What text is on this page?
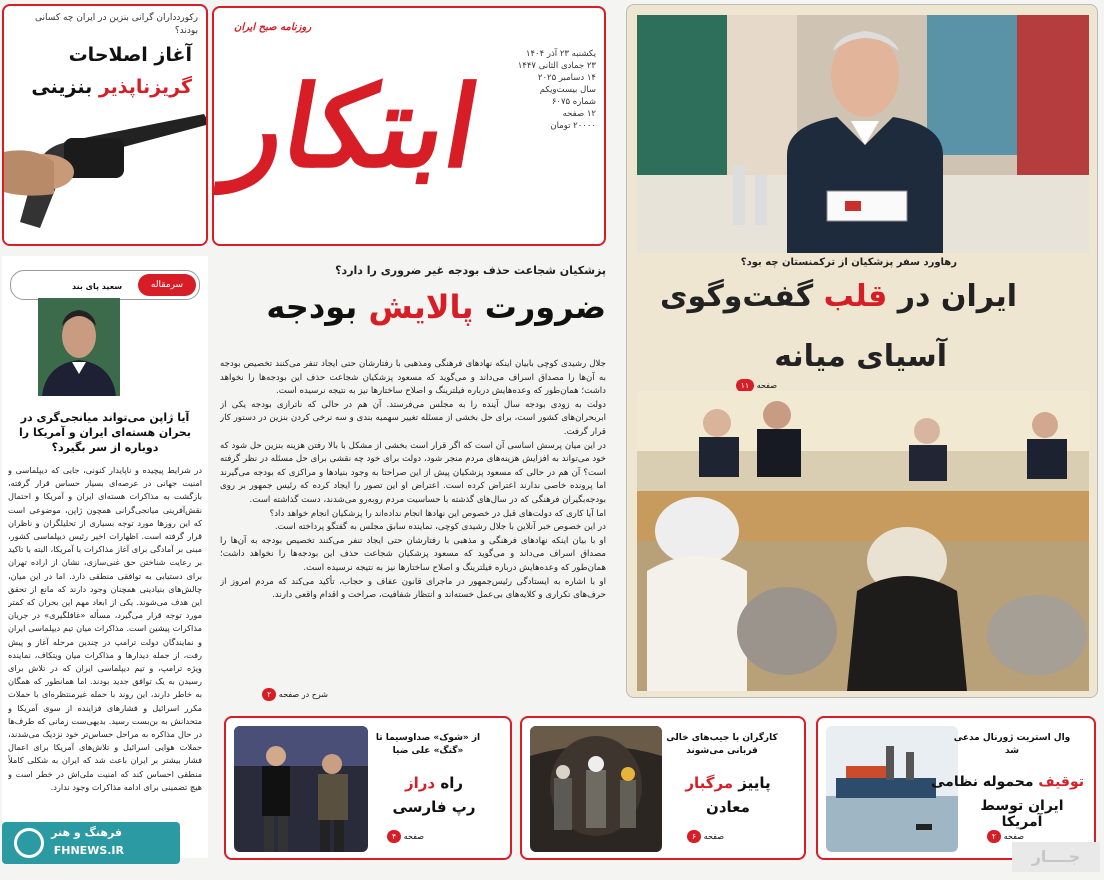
ابتکار
روزنامه صبح ایران
یکشنبه ۲۳ آذر ۱۴۰۴
۲۳ جمادی الثانی ۱۴۴۷
۱۴ دسامبر ۲۰۲۵
سال بیست‌ویکم
شماره ۶۰۷۵
۱۲ صفحه
۲۰۰۰۰ تومان
رکوردداران گرانی بنزین در ایران چه کسانی بودند؟
آغاز اصلاحات
گریزناپذیر بنزینی
رهاورد سفر پزشکیان از ترکمنستان چه بود؟
ایران در قلب گفت‌وگوی
آسیای میانه
صفحه ۱۱
پزشکیان شجاعت حذف بودجه غیر ضروری را دارد؟
ضرورت پالایش بودجه

جلال رشیدی کوچی بابیان اینکه نهادهای فرهنگی ومذهبی با رفتارشان حتی ایجاد تنفر می‌کنند تخصیص بودجه به آن‌ها را مصداق اسراف می‌داند و می‌گوید که مسعود پزشکیان شجاعت حذف این بودجه‌ها را نخواهد داشت؛ همان‌طور که وعده‌هایش درباره فیلترینگ و اصلاح ساختارها نیز به نتیجه نرسیده است.

دولت به زودی بودجه سال آینده را به مجلس می‌فرستد. آن هم در حالی که ناترازی بودجه یکی از ابربحران‌های کشور است، برای حل بخشی از مسئله تغییر سهمیه بندی و سه نرخی کردن بنزین در دستور کار قرار گرفت.

در این میان پرسش اساسی آن است که اگر قرار است بخشی از مشکل با بالا رفتن هزینه بنزین حل شود که خود می‌تواند به افزایش هزینه‌های مردم منجر شود، دولت برای خود چه نقشی برای حل مسئله در نظر گرفته است؟ آن هم در حالی که مسعود پزشکیان پیش از این صراحتا به وجود بنیادها و مراکزی که بودجه می‌گیرند اما پرونده خاصی ندارند اعتراض کرده است. اعتراض او این تصور را ایجاد کرده که رئیس جمهور بر روی بودجه‌بگیران فرهنگی که در سال‌های گذشته با حساسیت مردم روبه‌رو می‌شدند، دست گذاشته است.

اما آیا کاری که دولت‌های قبل در خصوص این نهادها انجام نداده‌اند را پزشکیان انجام خواهد داد؟

در این خصوص خبر آنلاین با جلال رشیدی کوچی، نماینده سابق مجلس به گفتگو پرداخته است.

او با بیان اینکه نهادهای فرهنگی و مذهبی با رفتارشان حتی ایجاد تنفر می‌کنند تخصیص بودجه به آن‌ها را مصداق اسراف می‌داند و می‌گوید که مسعود پزشکیان شجاعت حذف این بودجه‌ها را نخواهد داشت؛ همان‌طور که وعده‌هایش درباره فیلترینگ و اصلاح ساختارها نیز به نتیجه نرسیده است.

او با اشاره به ایستادگی رئیس‌جمهور در ماجرای قانون عفاف و حجاب، تأکید می‌کند که مردم امروز از حرف‌های تکراری و کلایه‌های بی‌عمل خسته‌اند و انتظار شفافیت، صراحت و اقدام واقعی دارند.

شرح در صفحه ۲
سعید پای بند	سرمقاله
آیا ژاپن می‌تواند میانجی‌گری در بحران هسته‌ای ایران و آمریکا را دوباره از سر بگیرد؟
در شرایط پیچیده و ناپایدار کنونی، جایی که دیپلماسی و امنیت جهانی در عرصه‌ای بسیار حساس قرار گرفته، بازگشت به مذاکرات هسته‌ای ایران و آمریکا و احتمال نقش‌آفرینی میانجی‌گرانی همچون ژاپن، موضوعی است که این روزها مورد توجه بسیاری از تحلیلگران و ناظران قرار گرفته است. اظهارات اخیر رئیس دیپلماسی کشور، مبنی بر آمادگی برای آغاز مذاکرات با آمریکا، البته با تاکید بر رعایت شناختن حق غنی‌سازی، نشان از اراده تهران برای دستیابی به توافقی منطقی دارد. اما در این میان، چالش‌های بنیادینی همچنان وجود دارند که مانع از تحقق این هدف می‌شوند. یکی از ابعاد مهم این بحران که کمتر مورد توجه قرار می‌گیرد، مسأله «غافلگیری» در جریان مذاکرات پیشین است. مذاکرات میان تیم دیپلماسی ایران و نمایندگان دولت ترامپ در چندین مرحله آغاز و پیش رفت، از جمله دیدارها و مذاکرات میان ویتکاف، نماینده ویژه ترامپ، و تیم دیپلماسی ایران که در تلاش برای رسیدن به یک توافق جدید بودند. اما همانطور که همگان به خاطر دارند، این روند با حمله غیرمنتظره‌ای با حملات مکرر اسرائیل و فشارهای فزاینده از سوی آمریکا و متحدانش به بن‌بست رسید. بدیهی‌ست زمانی که طرف‌ها در حال مذاکره به مراحل حساس‌تر خود نزدیک می‌شدند، حملات هوایی اسرائیل و تلاش‌های آمریکا برای اعمال فشار بیشتر بر ایران باعث شد که ایران به شکلی کاملاً منطقی احساس کند که امنیت ملی‌اش در خطر است و هیچ تضمینی برای ادامه مذاکرات وجود ندارد.
فرهنگ و هنر
FHNEWS.IR
وال استریت ژورنال مدعی شد
توقیف محموله نظامی
ایران توسط آمریکا
صفحه ۲
کارگران با جیب‌های خالی قربانی می‌شوند
پاییز مرگبار
معادن
صفحه ۶
از «شوک» صداوسیما تا «گنگ» علی ضیا
راه دراز
رپ فارسی
صفحه ۴
جــــار
